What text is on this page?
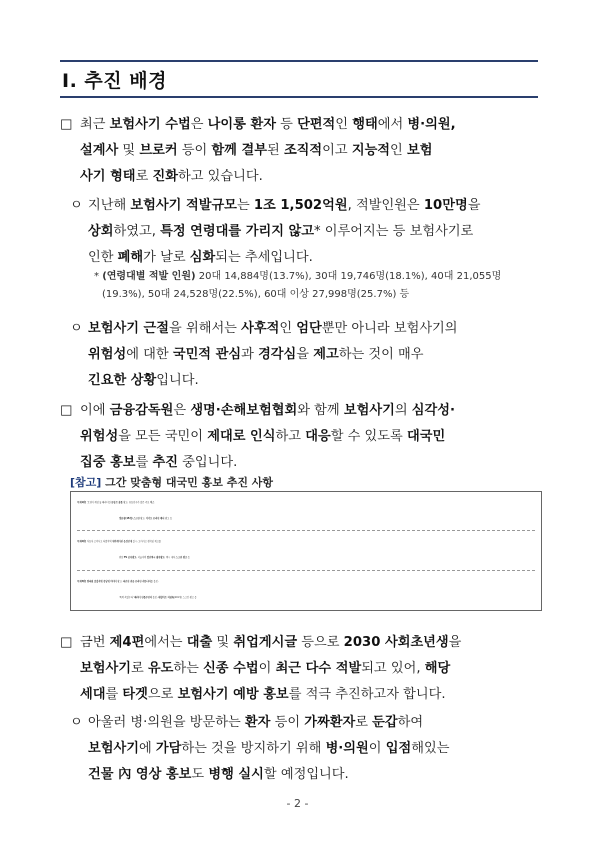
Ⅰ. 추진 배경
□ 최근 보험사기 수법은 나이롱 환자 등 단편적인 행태에서 병·의원,
설계사 및 브로커 등이 함께 결부된 조직적이고 지능적인 보험
사기 형태로 진화하고 있습니다.
ㅇ 지난해 보험사기 적발규모는 1조 1,502억원, 적발인원은 10만명을
상회하였고, 특정 연령대를 가리지 않고* 이루어지는 등 보험사기로
인한 폐해가 날로 심화되는 추세입니다.
* (연령대별 적발 인원) 20대 14,884명(13.7%), 30대 19,746명(18.1%), 40대 21,055명
(19.3%), 50대 24,528명(22.5%), 60대 이상 27,998명(25.7%) 등
ㅇ 보험사기 근절을 위해서는 사후적인 엄단뿐만 아니라 보험사기의
위험성에 대한 국민적 관심과 경각심을 제고하는 것이 매우
긴요한 상황입니다.
□ 이에 금융감독원은 생명·손해보험협회와 함께 보험사기의 심각성·
위험성을 모든 국민이 제대로 인식하고 대응할 수 있도록 대국민
집중 홍보를 추진 중입니다.
[참고] 그간 맞춤형 대국민 홍보 추진 사항
•[제1편] '오징어 게임'을 패러디한 유튜브 숏폼 광고, 유동인구가 많은 주요 버스
정류장(15개) 스크린 광고, 카카오 온라인 배너 광고 등
•[제2편] 자동차 고의사고 다발지역 내비게이션 음성안내 실시, 고의사고 경각심 제고를
위한 TV 공익광고, 서울지역 법인택시 옆면광고, 택시 내부 스크린 광고 등
•[제3편] 병의원 밀집지역 강남역 미디어 광고, 의료인 전용 온라인 커뮤니티를 홍보,
'폭싹 속았수다' 패러디 인플루언서 홍보, 대형마트 지점內(101개) 스크린 광고 등
□ 금번 제4편에서는 대출 및 취업게시글 등으로 2030 사회초년생을
보험사기로 유도하는 신종 수법이 최근 다수 적발되고 있어, 해당
세대를 타겟으로 보험사기 예방 홍보를 적극 추진하고자 합니다.
ㅇ 아울러 병·의원을 방문하는 환자 등이 가짜환자로 둔갑하여
보험사기에 가담하는 것을 방지하기 위해 병·의원이 입점해있는
건물 內 영상 홍보도 병행 실시할 예정입니다.
- 2 -
